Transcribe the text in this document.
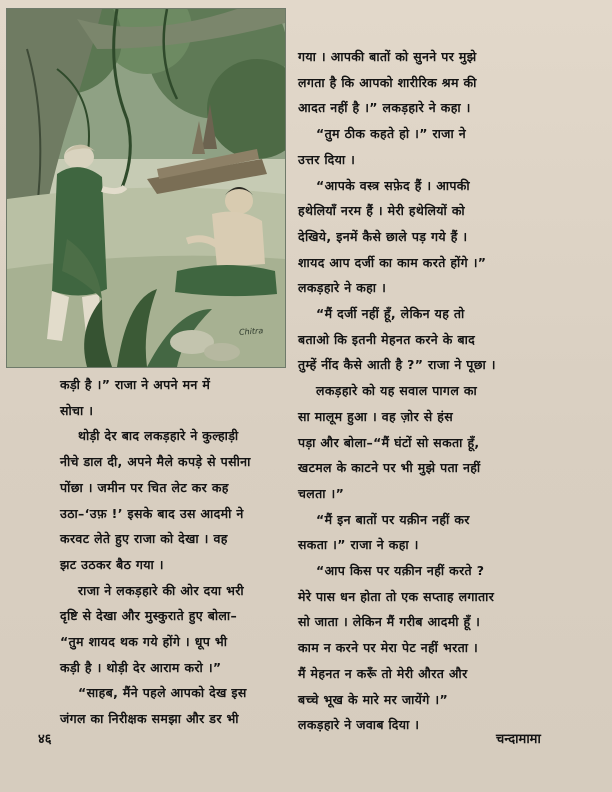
Chitra

गया । आपकी बातों को सुनने पर मुझे
लगता है कि आपको शारीरिक श्रम की
आदत नहीं है ।” लकड़हारे ने कहा ।

“तुम ठीक कहते हो ।” राजा ने
उत्तर दिया ।

“आपके वस्त्र सफ़ेद हैं । आपकी
हथेलियाँ नरम हैं । मेरी हथेलियों को
देखिये, इनमें कैसे छाले पड़ गये हैं ।
शायद आप दर्जी का काम करते होंगे ।”
लकड़हारे ने कहा ।

“मैं दर्जी नहीं हूँ, लेकिन यह तो
बताओ कि इतनी मेहनत करने के बाद
तुम्हें नींद कैसे आती है ?” राजा ने पूछा ।

लकड़हारे को यह सवाल पागल का
सा मालूम हुआ । वह ज़ोर से हंस
पड़ा और बोला–“मैं घंटों सो सकता हूँ,
खटमल के काटने पर भी मुझे पता नहीं
चलता ।”

“मैं इन बातों पर यक़ीन नहीं कर
सकता ।” राजा ने कहा ।

“आप किस पर यक़ीन नहीं करते ?
मेरे पास धन होता तो एक सप्ताह लगातार
सो जाता । लेकिन मैं गरीब आदमी हूँ ।
काम न करने पर मेरा पेट नहीं भरता ।
मैं मेहनत न करूँ तो मेरी औरत और
बच्चे भूख के मारे मर जायेंगे ।”
लकड़हारे ने जवाब दिया ।

कड़ी है ।” राजा ने अपने मन में
सोचा ।

थोड़ी देर बाद लकड़हारे ने कुल्हाड़ी
नीचे डाल दी, अपने मैले कपड़े से पसीना
पोंछा । जमीन पर चित लेट कर कह
उठा–‘उफ़ !’ इसके बाद उस आदमी ने
करवट लेते हुए राजा को देखा । वह
झट उठकर बैठ गया ।

राजा ने लकड़हारे की ओर दया भरी
दृष्टि से देखा और मुस्कुराते हुए बोला–
“तुम शायद थक गये होंगे । धूप भी
कड़ी है । थोड़ी देर आराम करो ।”

“साहब, मैंने पहले आपको देख इस
जंगल का निरीक्षक समझा और डर भी

४६	चन्दामामा
